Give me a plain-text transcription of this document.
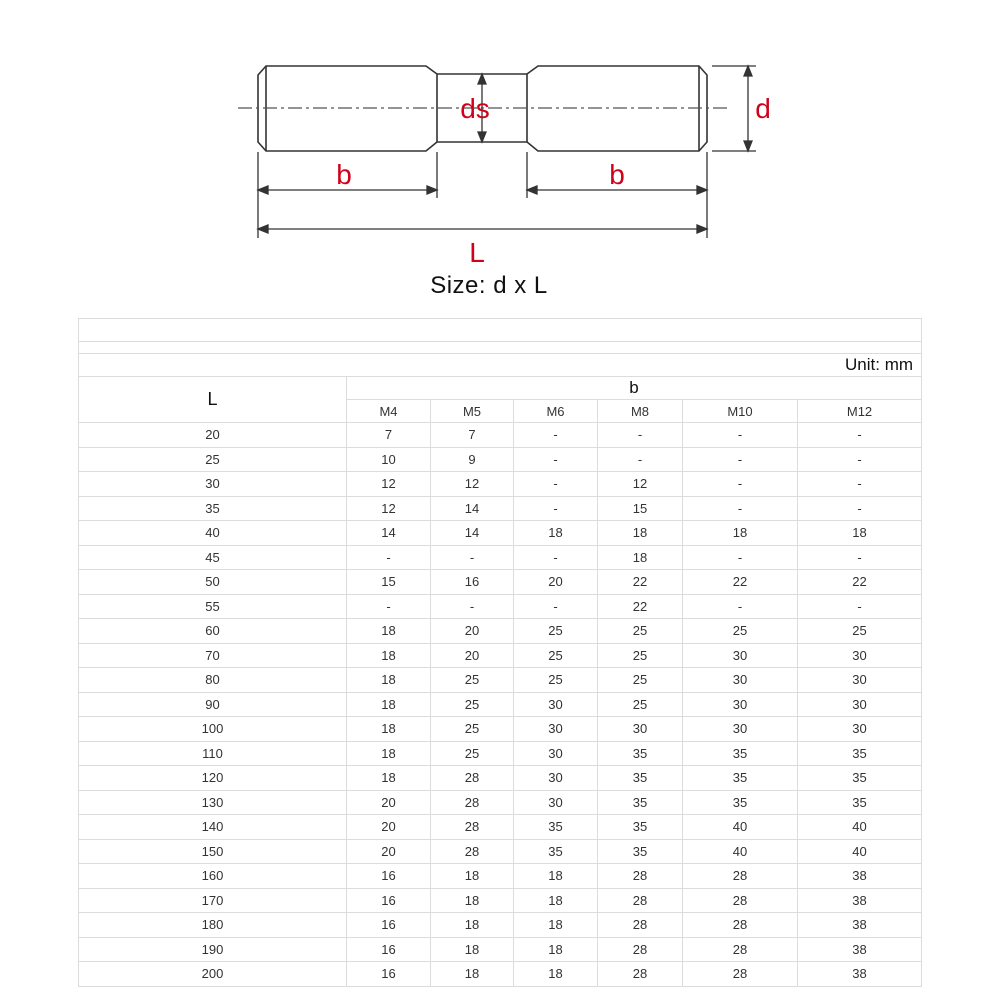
ds	d
b	b
L
Size: d x L

Unit: mm						
L	b					
	M4	M5	M6	M8	M10	M12
20	7	7	-	-	-	-
25	10	9	-	-	-	-
30	12	12	-	12	-	-
35	12	14	-	15	-	-
40	14	14	18	18	18	18
45	-	-	-	18	-	-
50	15	16	20	22	22	22
55	-	-	-	22	-	-
60	18	20	25	25	25	25
70	18	20	25	25	30	30
80	18	25	25	25	30	30
90	18	25	30	25	30	30
100	18	25	30	30	30	30
110	18	25	30	35	35	35
120	18	28	30	35	35	35
130	20	28	30	35	35	35
140	20	28	35	35	40	40
150	20	28	35	35	40	40
160	16	18	18	28	28	38
170	16	18	18	28	28	38
180	16	18	18	28	28	38
190	16	18	18	28	28	38
200	16	18	18	28	28	38
